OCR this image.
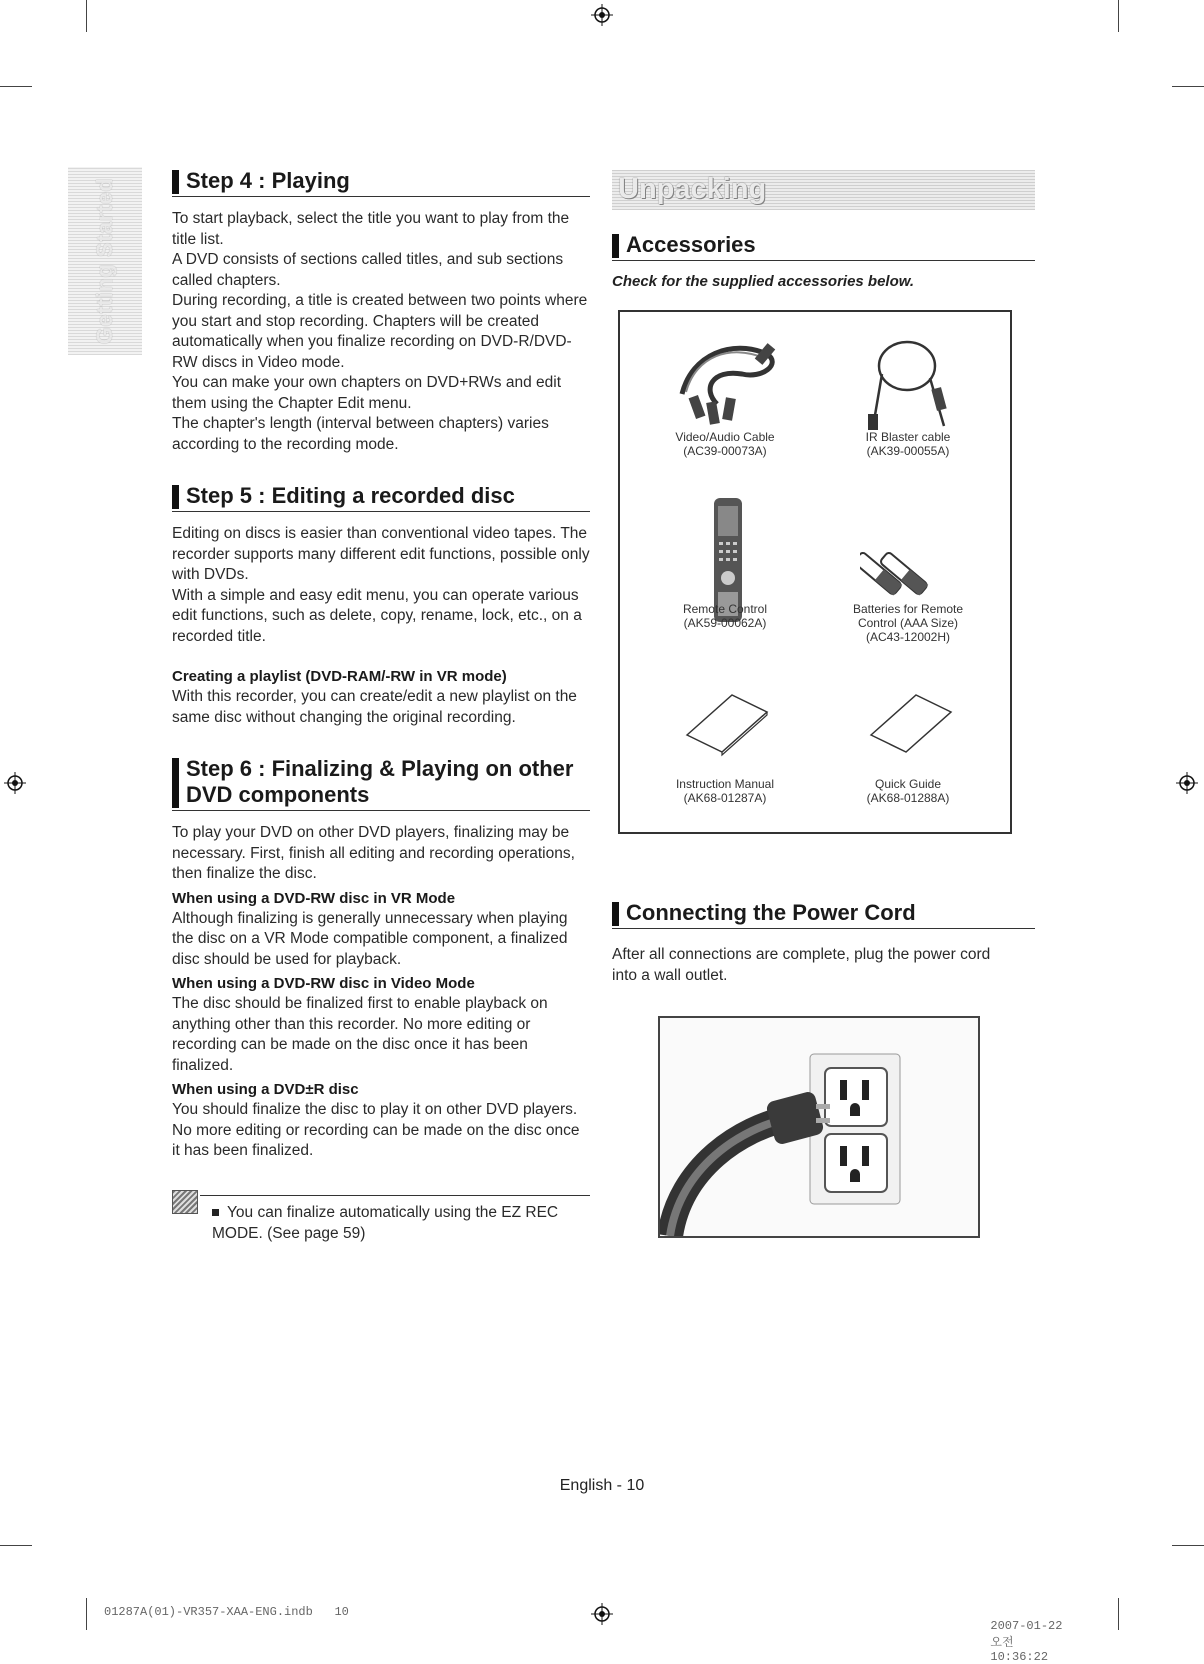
Getting Started	Step 4 : Playing
To start playback, select the title you want to play from the title list.
A DVD consists of sections called titles, and sub sections called chapters.
During recording, a title is created between two points where you start and stop recording. Chapters will be created automatically when you finalize recording on DVD-R/DVD-RW discs in Video mode.
You can make your own chapters on DVD+RWs and edit them using the Chapter Edit menu.
The chapter's length (interval between chapters) varies according to the recording mode.
Step 5 : Editing a recorded disc
Editing on discs is easier than conventional video tapes. The recorder supports many different edit functions, possible only with DVDs.
With a simple and easy edit menu, you can operate various edit functions, such as delete, copy, rename, lock, etc., on a recorded title.
Creating a playlist (DVD-RAM/-RW in VR mode)
With this recorder, you can create/edit a new playlist on the same disc without changing the original recording.
Step 6 : Finalizing & Playing on other
DVD components
To play your DVD on other DVD players, finalizing may be necessary. First, finish all editing and recording operations, then finalize the disc.
When using a DVD-RW disc in VR Mode
Although finalizing is generally unnecessary when playing the disc on a VR Mode compatible component, a finalized disc should be used for playback.
When using a DVD-RW disc in Video Mode
The disc should be finalized first to enable playback on anything other than this recorder. No more editing or recording can be made on the disc once it has been finalized.
When using a DVD±R disc
You should finalize the disc to play it on other DVD players. No more editing or recording can be made on the disc once it has been finalized.
You can finalize automatically using the EZ REC MODE. (See page 59)
Unpacking
Accessories
Check for the supplied accessories below.
Video/Audio Cable
(AC39-00073A)
IR Blaster cable
(AK39-00055A)
Remote Control
(AK59-00062A)
Batteries for Remote Control (AAA Size)
(AC43-12002H)
Instruction Manual
(AK68-01287A)
Quick Guide
(AK68-01288A)
Connecting the Power Cord
After all connections are complete, plug the power cord into a wall outlet.
English - 10
01287A(01)-VR357-XAA-ENG.indb   10

2007-01-22
오전
10:36:22
